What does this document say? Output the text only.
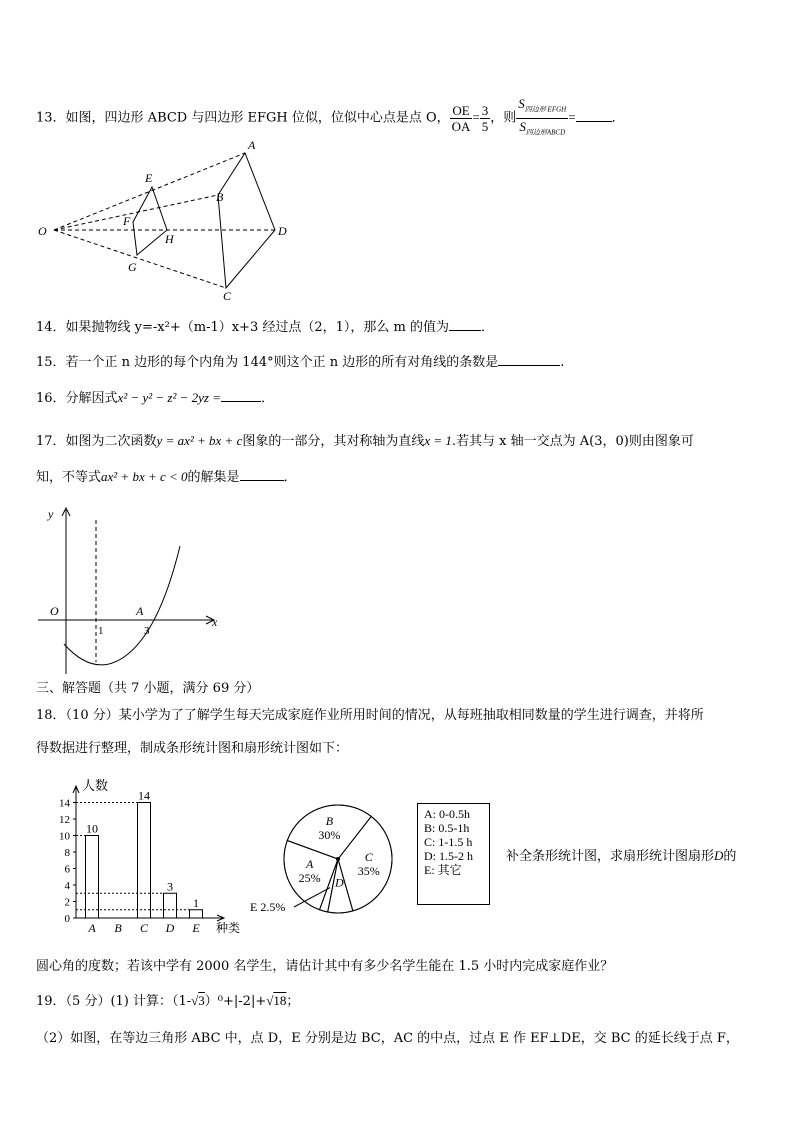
13．如图，四边形 ABCD 与四边形 EFGH 位似，位似中心点是点 O， $\frac{OE}{OA} = \frac{3}{5}$ ，则 $\frac{S_{四边形 EFGH}}{S_{四边形ABCD}}$ =	．
O
A
B
C
D
E
F
G
H
14．如果抛物线 y=-x²+（m-1）x+3 经过点（2，1），那么 m 的值为 ．
15．若一个正 n 边形的每个内角为 144°则这个正 n 边形的所有对角线的条数是	.
16．分解因式x² − y² − z² − 2yz =	．
17．如图为二次函数y = ax² + bx + c图象的一部分，其对称轴为直线x = 1.若其与 x 轴一交点为 A(3，0)则由图象可
知，不等式ax² + bx + c < 0的解集是	．
y
x
O	A
1	3
三、解答题（共 7 小题，满分 69 分）
18．（10 分）某小学为了了解学生每天完成家庭作业所用时间的情况，从每班抽取相同数量的学生进行调查，并将所
得数据进行整理，制成条形统计图和扇形统计图如下：
人数
种类
0
2
4
6
8
10
12
14
10
A B
14
C
3
D
1
E
A
25%
B
30%
C
35%
D
E 2.5%
A: 0-0.5h
B: 0.5-1h
C: 1-1.5 h
D: 1.5-2 h
E: 其它
补全条形统计图，求扇形统计图扇形D的
圆心角的度数；若该中学有 2000 名学生，请估计其中有多少名学生能在 1.5 小时内完成家庭作业？
19．（5 分）(1) 计算：（1-√3）⁰+|-2|+√18；
（2）如图，在等边三角形 ABC 中，点 D，E 分别是边 BC，AC 的中点，过点 E 作 EF⊥DE，交 BC 的延长线于点 F，
